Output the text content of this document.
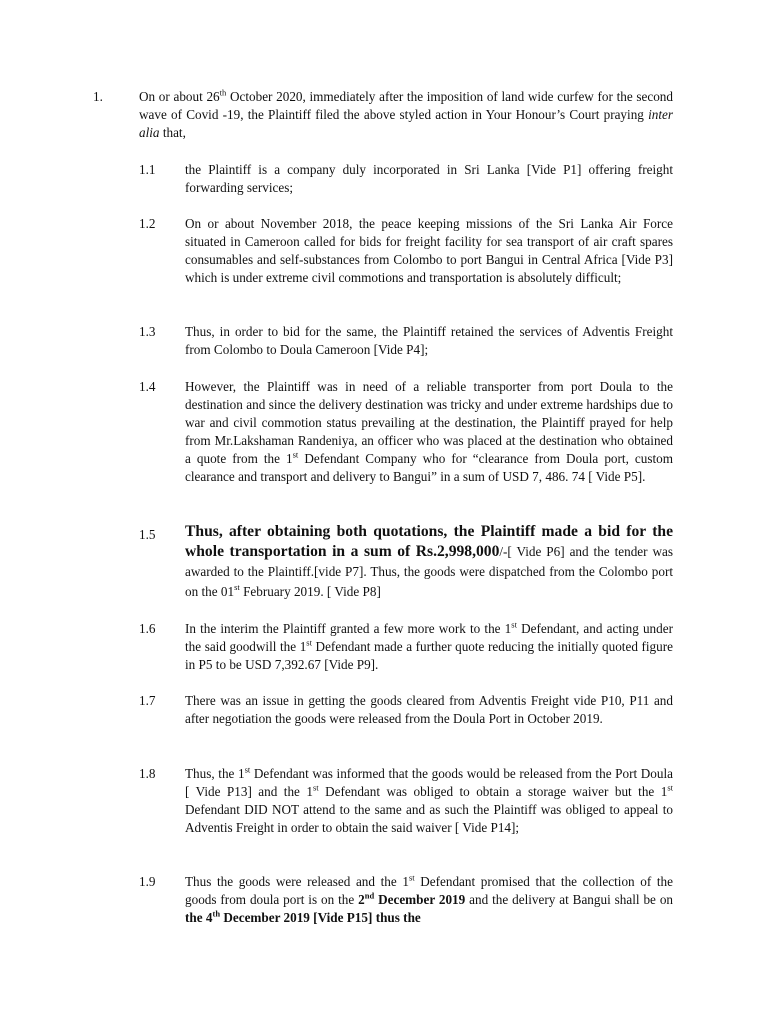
1.	On or about 26th October 2020, immediately after the imposition of land wide curfew for the second wave of Covid -19, the Plaintiff filed the above styled action in Your Honour’s Court praying inter alia that,
1.1 the Plaintiff is a company duly incorporated in Sri Lanka [Vide P1] offering freight forwarding services;
1.2 On or about November 2018, the peace keeping missions of the Sri Lanka Air Force situated in Cameroon called for bids for freight facility for sea transport of air craft spares consumables and self-substances from Colombo to port Bangui in Central Africa [Vide P3] which is under extreme civil commotions and transportation is absolutely difficult;
1.3 Thus, in order to bid for the same, the Plaintiff retained the services of Adventis Freight from Colombo to Doula Cameroon [Vide P4];
1.4 However, the Plaintiff was in need of a reliable transporter from port Doula to the destination and since the delivery destination was tricky and under extreme hardships due to war and civil commotion status prevailing at the destination, the Plaintiff prayed for help from Mr.Lakshaman Randeniya, an officer who was placed at the destination who obtained a quote from the 1st Defendant Company who for “clearance from Doula port, custom clearance and transport and delivery to Bangui” in a sum of USD 7, 486. 74 [ Vide P5].
1.5 Thus, after obtaining both quotations, the Plaintiff made a bid for the whole transportation in a sum of Rs.2,998,000/-[ Vide P6] and the tender was awarded to the Plaintiff.[vide P7]. Thus, the goods were dispatched from the Colombo port on the 01st February 2019. [ Vide P8]
1.6 In the interim the Plaintiff granted a few more work to the 1st Defendant, and acting under the said goodwill the 1st Defendant made a further quote reducing the initially quoted figure in P5 to be USD 7,392.67 [Vide P9].
1.7 There was an issue in getting the goods cleared from Adventis Freight vide P10, P11 and after negotiation the goods were released from the Doula Port in October 2019.
1.8 Thus, the 1st Defendant was informed that the goods would be released from the Port Doula [ Vide P13] and the 1st Defendant was obliged to obtain a storage waiver but the 1st Defendant DID NOT attend to the same and as such the Plaintiff was obliged to appeal to Adventis Freight in order to obtain the said waiver [ Vide P14];
1.9 Thus the goods were released and the 1st Defendant promised that the collection of the goods from doula port is on the 2nd December 2019 and the delivery at Bangui shall be on the 4th December 2019 [Vide P15] thus the
